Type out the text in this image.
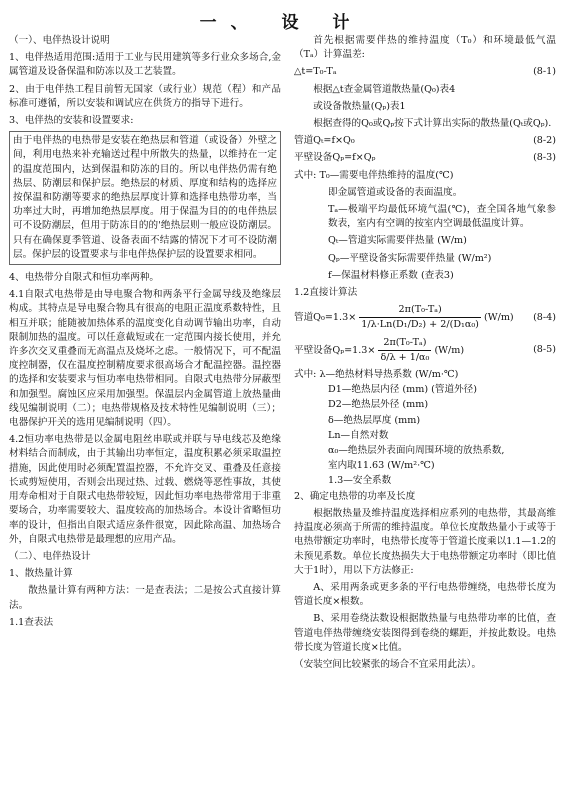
一、 设 计

（一）、电伴热设计说明

1、电伴热适用范围:适用于工业与民用建筑等多行业众多场合,金属管道及设备保温和防冻以及工艺装置。

2、由于电伴热工程目前暂无国家（或行业）规范（程）和产品标准可遵循，所以安装和调试应在供货方的指导下进行。

3、电伴热的安装和设置要求:

由于电伴热的电热带是安装在绝热层和管道（或设备）外壁之间，利用电热来补充输送过程中所散失的热量，以维持在一定的温度范围内，达到保温和防冻的目的。所以电伴热仍需有绝热层、防潮层和保护层。绝热层的材质、厚度和结构的选择应按保温和防潮等要求的绝热层厚度计算和选择电热带功率，当功率过大时，再增加绝热层厚度。用于保温为目的的电伴热层可不设防潮层，但用于防冻目的的'绝热层则一般应设防潮层。只有在确保夏季管道、设备表面不结露的情况下才可不设防潮层。保护层的设置要求与非电伴热保护层的设置要求相同。

4、电热带分自限式和恒功率两种。

4.1自限式电热带是由导电聚合物和两条平行金属导线及绝缘层构成。其特点是导电聚合物具有很高的电阻正温度系数特性，且相互并联；能随被加热体系的温度变化自动调节输出功率，自动限制加热的温度。可以任意截短或在一定范围内接长使用，并允许多次交叉重叠而无高温点及烧坏之虑。一般情况下，可不配温度控制器，仅在温度控制精度要求很高场合才配温控器。温控器的选择和安装要求与恒功率电热带相同。自限式电热带分屏蔽型和加强型。腐蚀区应采用加强型。保温层内金属管道上放热量曲线见编制说明（二）；电热带规格及技术特性见编制说明（三）；电器保护开关的选用见编制说明（四）。

4.2恒功率电热带是以金属电阻丝串联或并联与导电线芯及绝缘材料结合而制成，由于其输出功率恒定，温度积累必须采取温控措施，因此使用时必须配置温控器，不允许交叉、重叠及任意接长或剪短使用，否则会出现过热、过载、燃烧等恶性事故，其使用寿命相对于自限式电热带较短，因此恒功率电热带常用于非重要场合，功率需要较大、温度较高的加热场合。本设计省略恒功率的设计，但指出自限式适应条件很宽，因此除高温、加热场合外，自限式电热带是最理想的应用产品。

（二）、电伴热设计

1、散热量计算

散热量计算有两种方法：一是查表法；二是按公式直接计算法。

1.1查表法

首先根据需要伴热的维持温度（T₀）和环境最低气温（Tₐ）计算温差:

△t=T₀-Tₐ	(8-1)

根据△t查金属管道散热量(Q₀)表4

或设备散热量(Qₚ)表1

根据查得的Q₀或Qₚ按下式计算出实际的散热量(Qₜ或Qₚ).

管道Qₜ=f×Q₀	(8-2)
平壁设备Qₚ=f×Qₚ	(8-3)

式中: T₀—需要电伴热维持的温度(℃)

即金属管道或设备的表面温度。

Tₐ—极端平均最低环境气温(℃)，查全国各地气象参数表，室内有空调的按室内空调最低温度计算。

Qₜ—管道实际需要伴热量 (W/m)

Qₚ—平壁设备实际需要伴热量 (W/m²)

f—保温材料修正系数 (查表3)

1.2直接计算法

管道$Q_0=1.3\times \frac{\text{2π(T₀-Tₐ)}}{\text{1/λ·Ln(D₁/D₂) + 2/(D₁α₀)}} (W/m)$ (8-4)
平壁设备$Q_p=1.3\times \frac{\text{2π(T₀-Tₐ)}}{\text{δ/λ + 1/α₀}} (W/m)$	(8-5)

式中: λ—绝热材料导热系数 (W/m·℃)

D1—绝热层内径 (mm) (管道外径)

D2—绝热层外径 (mm)

δ—绝热层厚度 (mm)

Ln—自然对数

α₀—绝热层外表面向周围环境的放热系数,

室内取11.63 (W/m²·℃)

1.3—安全系数

2、确定电热带的功率及长度

根据散热量及维持温度选择相应系列的电热带，其最高维持温度必须高于所需的维持温度。单位长度散热量小于或等于电热带额定功率时，电热带长度等于管道长度乘以1.1—1.2的未预见系数。单位长度热损失大于电热带额定功率时（即比值大于1时），用以下方法修正:

A、采用两条或更多条的平行电热带缠绕，电热带长度为管道长度×根数。

B、采用卷绕法数设根据散热量与电热带功率的比值，查管道电伴热带缠绕安装图得到卷绕的螺距，并按此数设。电热带长度为管道长度×比值。

（安装空间比较紧张的场合不宜采用此法）。
